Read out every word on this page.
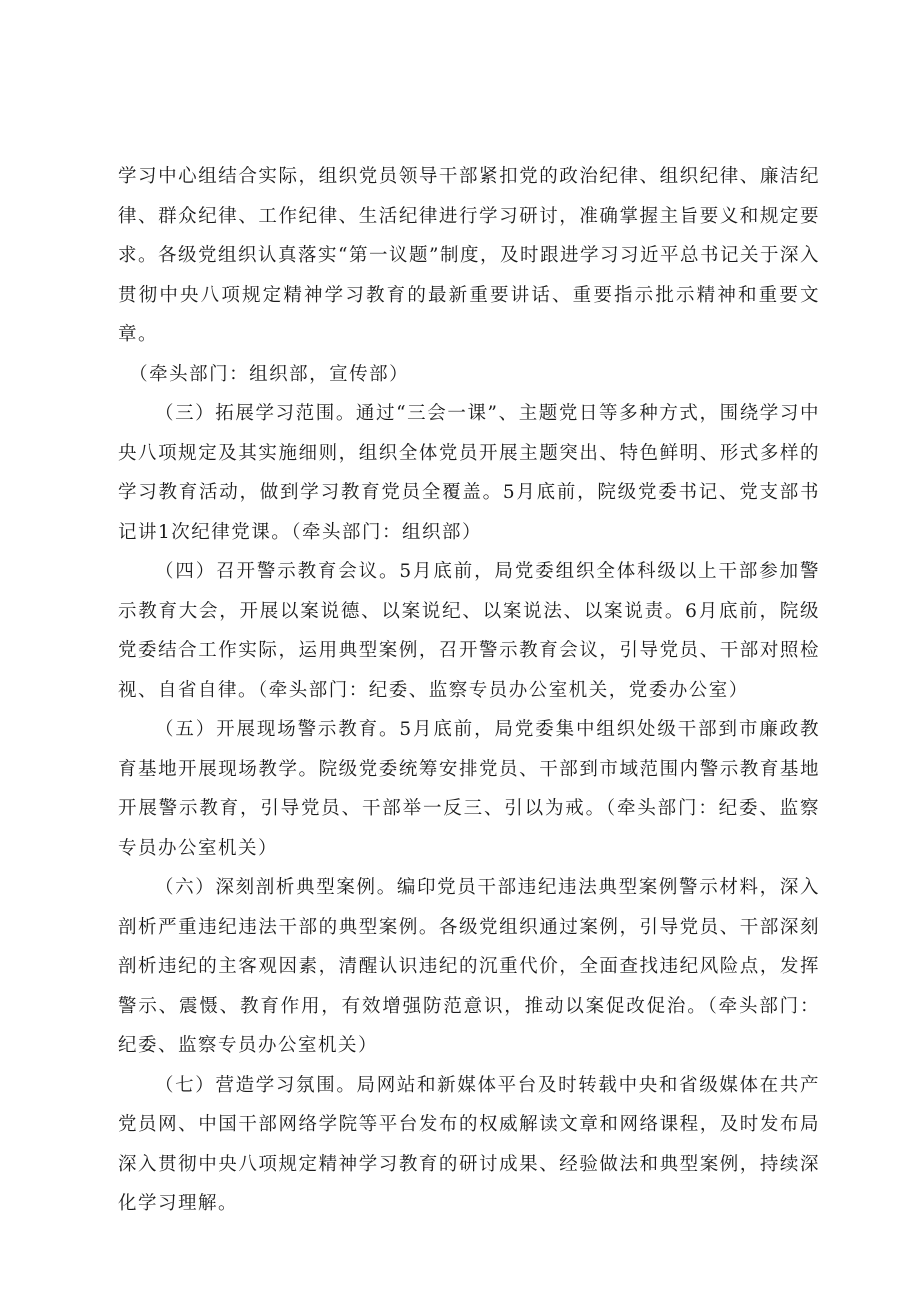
学习中心组结合实际，组织党员领导干部紧扣党的政治纪律、组织纪律、廉洁纪律、群众纪律、工作纪律、生活纪律进行学习研讨，准确掌握主旨要义和规定要求。各级党组织认真落实“第一议题”制度，及时跟进学习习近平总书记关于深入贯彻中央八项规定精神学习教育的最新重要讲话、重要指示批示精神和重要文章。

（牵头部门：组织部，宣传部）

（三）拓展学习范围。通过“三会一课”、主题党日等多种方式，围绕学习中央八项规定及其实施细则，组织全体党员开展主题突出、特色鲜明、形式多样的学习教育活动，做到学习教育党员全覆盖。5月底前，院级党委书记、党支部书记讲1次纪律党课。（牵头部门：组织部）

（四）召开警示教育会议。5月底前，局党委组织全体科级以上干部参加警示教育大会，开展以案说德、以案说纪、以案说法、以案说责。6月底前，院级党委结合工作实际，运用典型案例，召开警示教育会议，引导党员、干部对照检视、自省自律。（牵头部门：纪委、监察专员办公室机关，党委办公室）

（五）开展现场警示教育。5月底前，局党委集中组织处级干部到市廉政教育基地开展现场教学。院级党委统筹安排党员、干部到市域范围内警示教育基地开展警示教育，引导党员、干部举一反三、引以为戒。（牵头部门：纪委、监察专员办公室机关）

（六）深刻剖析典型案例。编印党员干部违纪违法典型案例警示材料，深入剖析严重违纪违法干部的典型案例。各级党组织通过案例，引导党员、干部深刻剖析违纪的主客观因素，清醒认识违纪的沉重代价，全面查找违纪风险点，发挥警示、震慑、教育作用，有效增强防范意识，推动以案促改促治。（牵头部门：纪委、监察专员办公室机关）

（七）营造学习氛围。局网站和新媒体平台及时转载中央和省级媒体在共产党员网、中国干部网络学院等平台发布的权威解读文章和网络课程，及时发布局深入贯彻中央八项规定精神学习教育的研讨成果、经验做法和典型案例，持续深化学习理解。
